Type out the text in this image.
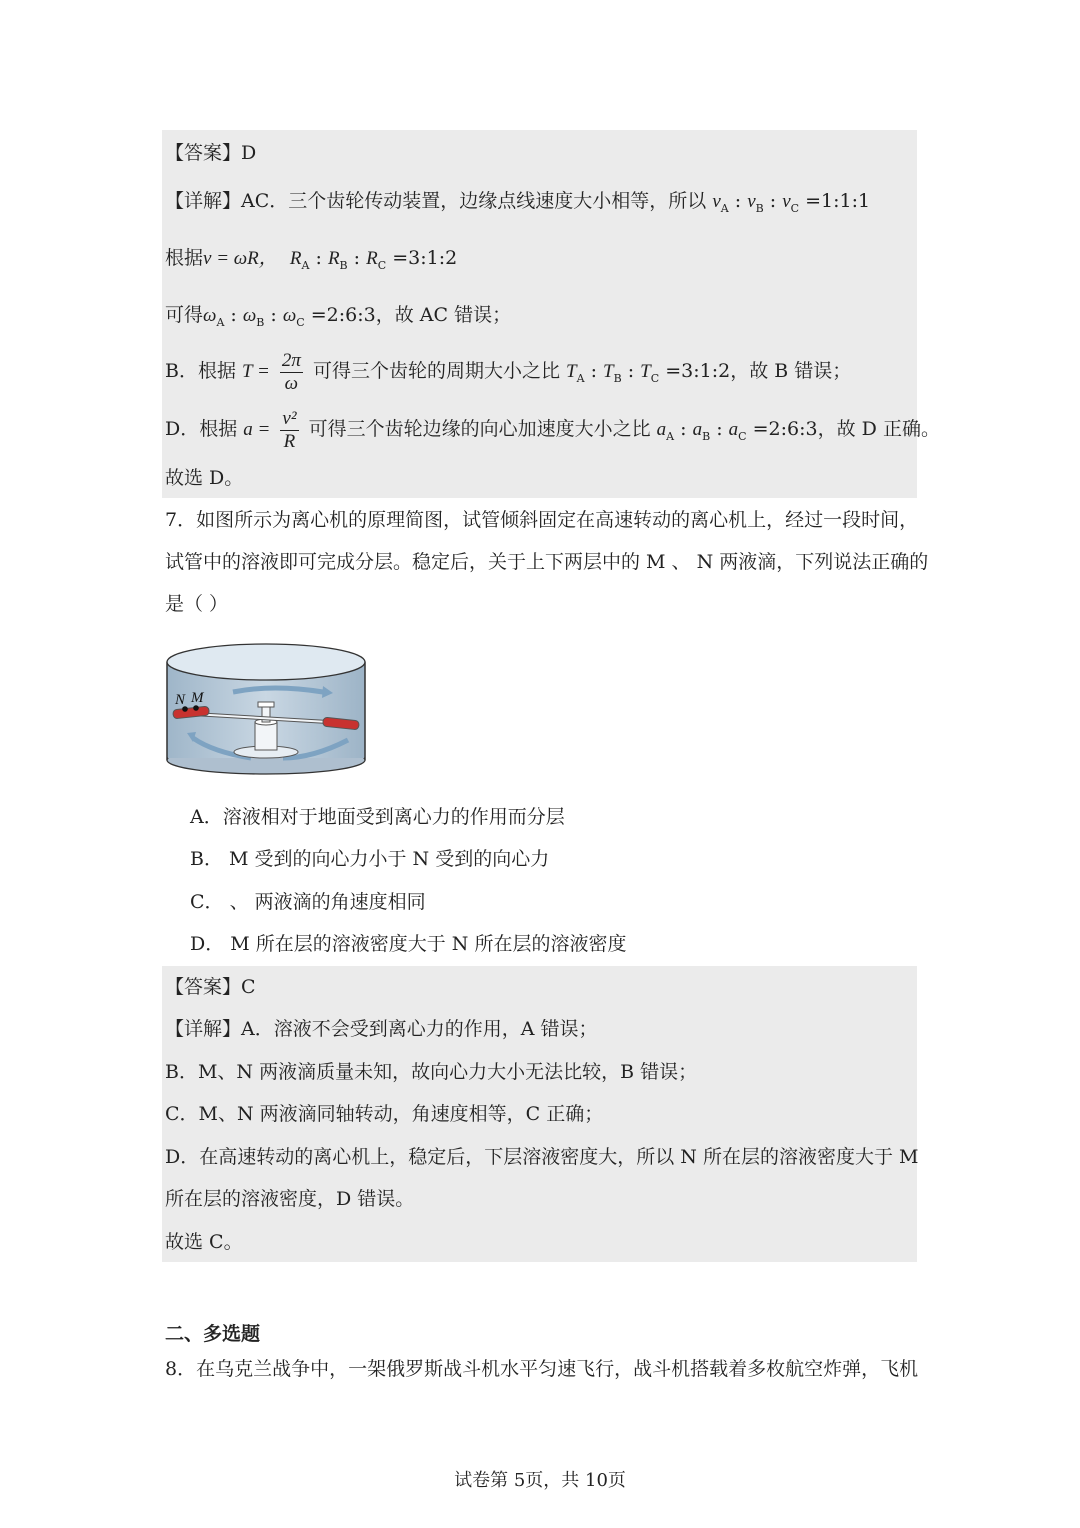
【答案】D
【详解】AC．三个齿轮传动装置，边缘点线速度大小相等，所以 $v_A$ : $v_B$ : $v_C$ =1:1:1
根据v = ωR， $R_A$ : $R_B$ : $R_C$ =3:1:2
可得$\omega_A$ : $\omega_B$ : $\omega_C$ =2:6:3，故 AC 错误；
B．根据 $T = \frac{2\pi}{\omega}$ 可得三个齿轮的周期大小之比 $T_A$ : $T_B$ : $T_C$ =3:1:2，故 B 错误；
D．根据 $a = \frac{\text{v²}}{R}$ 可得三个齿轮边缘的向心加速度大小之比 $a_A$ : $a_B$ : $a_C$ =2:6:3，故 D 正确。
故选 D。
7．如图所示为离心机的原理简图，试管倾斜固定在高速转动的离心机上，经过一段时间，
试管中的溶液即可完成分层。稳定后，关于上下两层中的 M 、 N 两液滴，下列说法正确的
是（ ）
N M
A．溶液相对于地面受到离心力的作用而分层
B． M 受到的向心力小于 N 受到的向心力
C． 、 两液滴的角速度相同
D． M 所在层的溶液密度大于 N 所在层的溶液密度
【答案】C
【详解】A．溶液不会受到离心力的作用，A 错误；
B．M、N 两液滴质量未知，故向心力大小无法比较，B 错误；
C．M、N 两液滴同轴转动，角速度相等，C 正确；
D．在高速转动的离心机上，稳定后，下层溶液密度大，所以 N 所在层的溶液密度大于 M
所在层的溶液密度，D 错误。
故选 C。
二、多选题
8．在乌克兰战争中，一架俄罗斯战斗机水平匀速飞行，战斗机搭载着多枚航空炸弹，飞机
试卷第 5页，共 10页
